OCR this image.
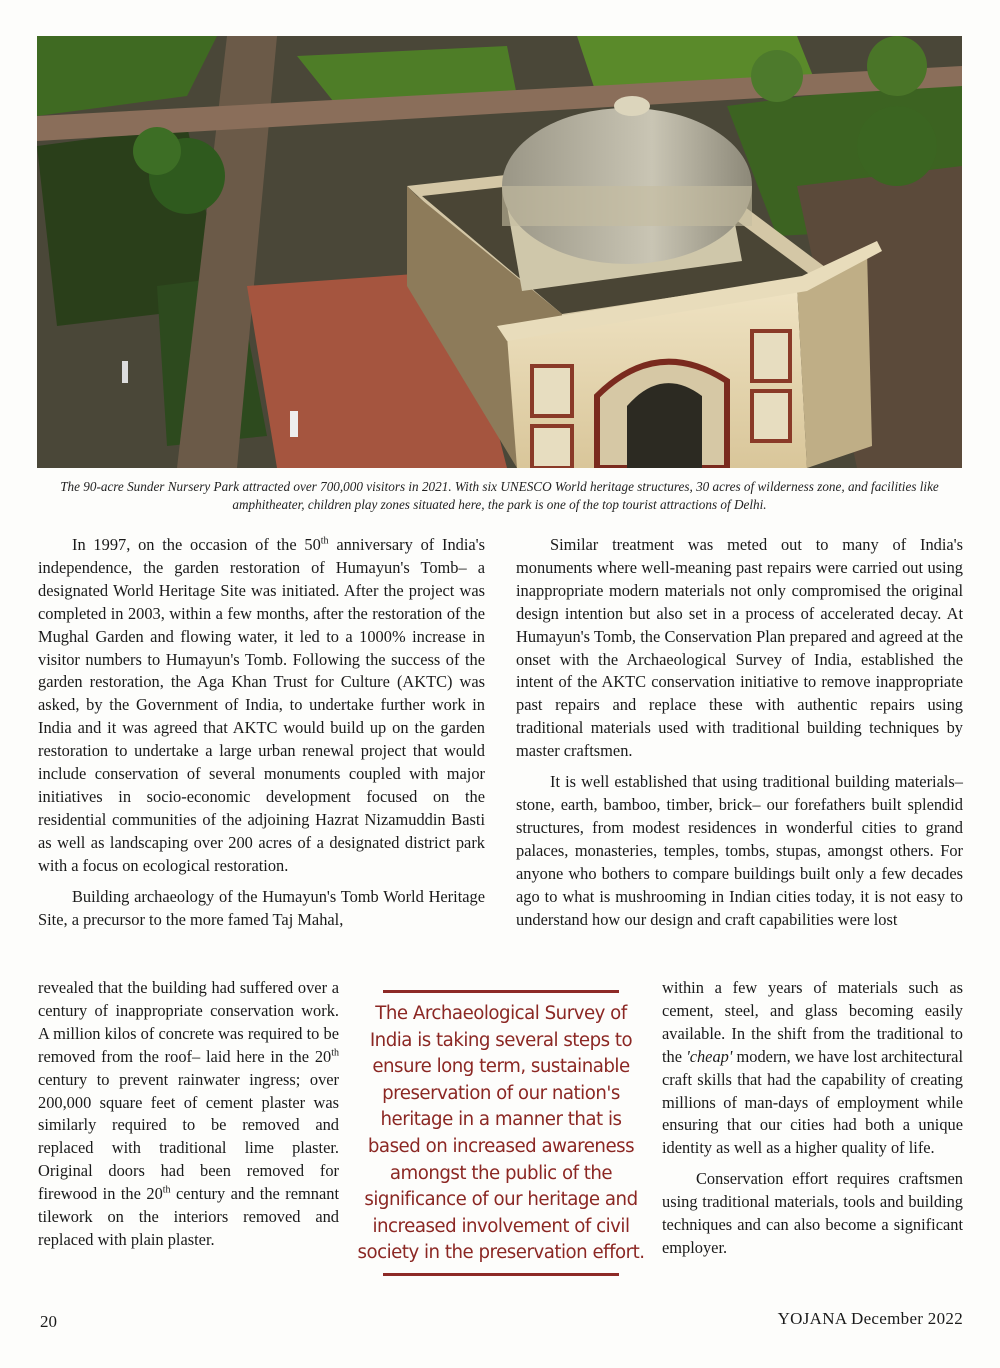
The 90-acre Sunder Nursery Park attracted over 700,000 visitors in 2021. With six UNESCO World heritage structures, 30 acres of wilderness zone, and facilities like amphitheater, children play zones situated here, the park is one of the top tourist attractions of Delhi.

In 1997, on the occasion of the 50th anniversary of India's independence, the garden restoration of Humayun's Tomb– a designated World Heritage Site was initiated. After the project was completed in 2003, within a few months, after the restoration of the Mughal Garden and flowing water, it led to a 1000% increase in visitor numbers to Humayun's Tomb. Following the success of the garden restoration, the Aga Khan Trust for Culture (AKTC) was asked, by the Government of India, to undertake further work in India and it was agreed that AKTC would build up on the garden restoration to undertake a large urban renewal project that would include conservation of several monuments coupled with major initiatives in socio-economic development focused on the residential communities of the adjoining Hazrat Nizamuddin Basti as well as landscaping over 200 acres of a designated district park with a focus on ecological restoration.

Building archaeology of the Humayun's Tomb World Heritage Site, a precursor to the more famed Taj Mahal,

revealed that the building had suffered over a century of inappropriate conservation work. A million kilos of concrete was required to be removed from the roof– laid here in the 20th century to prevent rainwater ingress; over 200,000 square feet of cement plaster was similarly required to be removed and replaced with traditional lime plaster. Original doors had been removed for firewood in the 20th century and the remnant tilework on the interiors removed and replaced with plain plaster.

Similar treatment was meted out to many of India's monuments where well-meaning past repairs were carried out using inappropriate modern materials not only compromised the original design intention but also set in a process of accelerated decay. At Humayun's Tomb, the Conservation Plan prepared and agreed at the onset with the Archaeological Survey of India, established the intent of the AKTC conservation initiative to remove inappropriate past repairs and replace these with authentic repairs using traditional materials used with traditional building techniques by master craftsmen.

It is well established that using traditional building materials– stone, earth, bamboo, timber, brick– our forefathers built splendid structures, from modest residences in wonderful cities to grand palaces, monasteries, temples, tombs, stupas, amongst others. For anyone who bothers to compare buildings built only a few decades ago to what is mushrooming in Indian cities today, it is not easy to understand how our design and craft capabilities were lost

within a few years of materials such as cement, steel, and glass becoming easily available. In the shift from the traditional to the 'cheap' modern, we have lost architectural craft skills that had the capability of creating millions of man-days of employment while ensuring that our cities had both a unique identity as well as a higher quality of life.

Conservation effort requires craftsmen using traditional materials, tools and building techniques and can also become a significant employer.

The Archaeological Survey of India is taking several steps to ensure long term, sustainable preservation of our nation's heritage in a manner that is based on increased awareness amongst the public of the significance of our heritage and increased involvement of civil society in the preservation effort.
20	YOJANA December 2022
